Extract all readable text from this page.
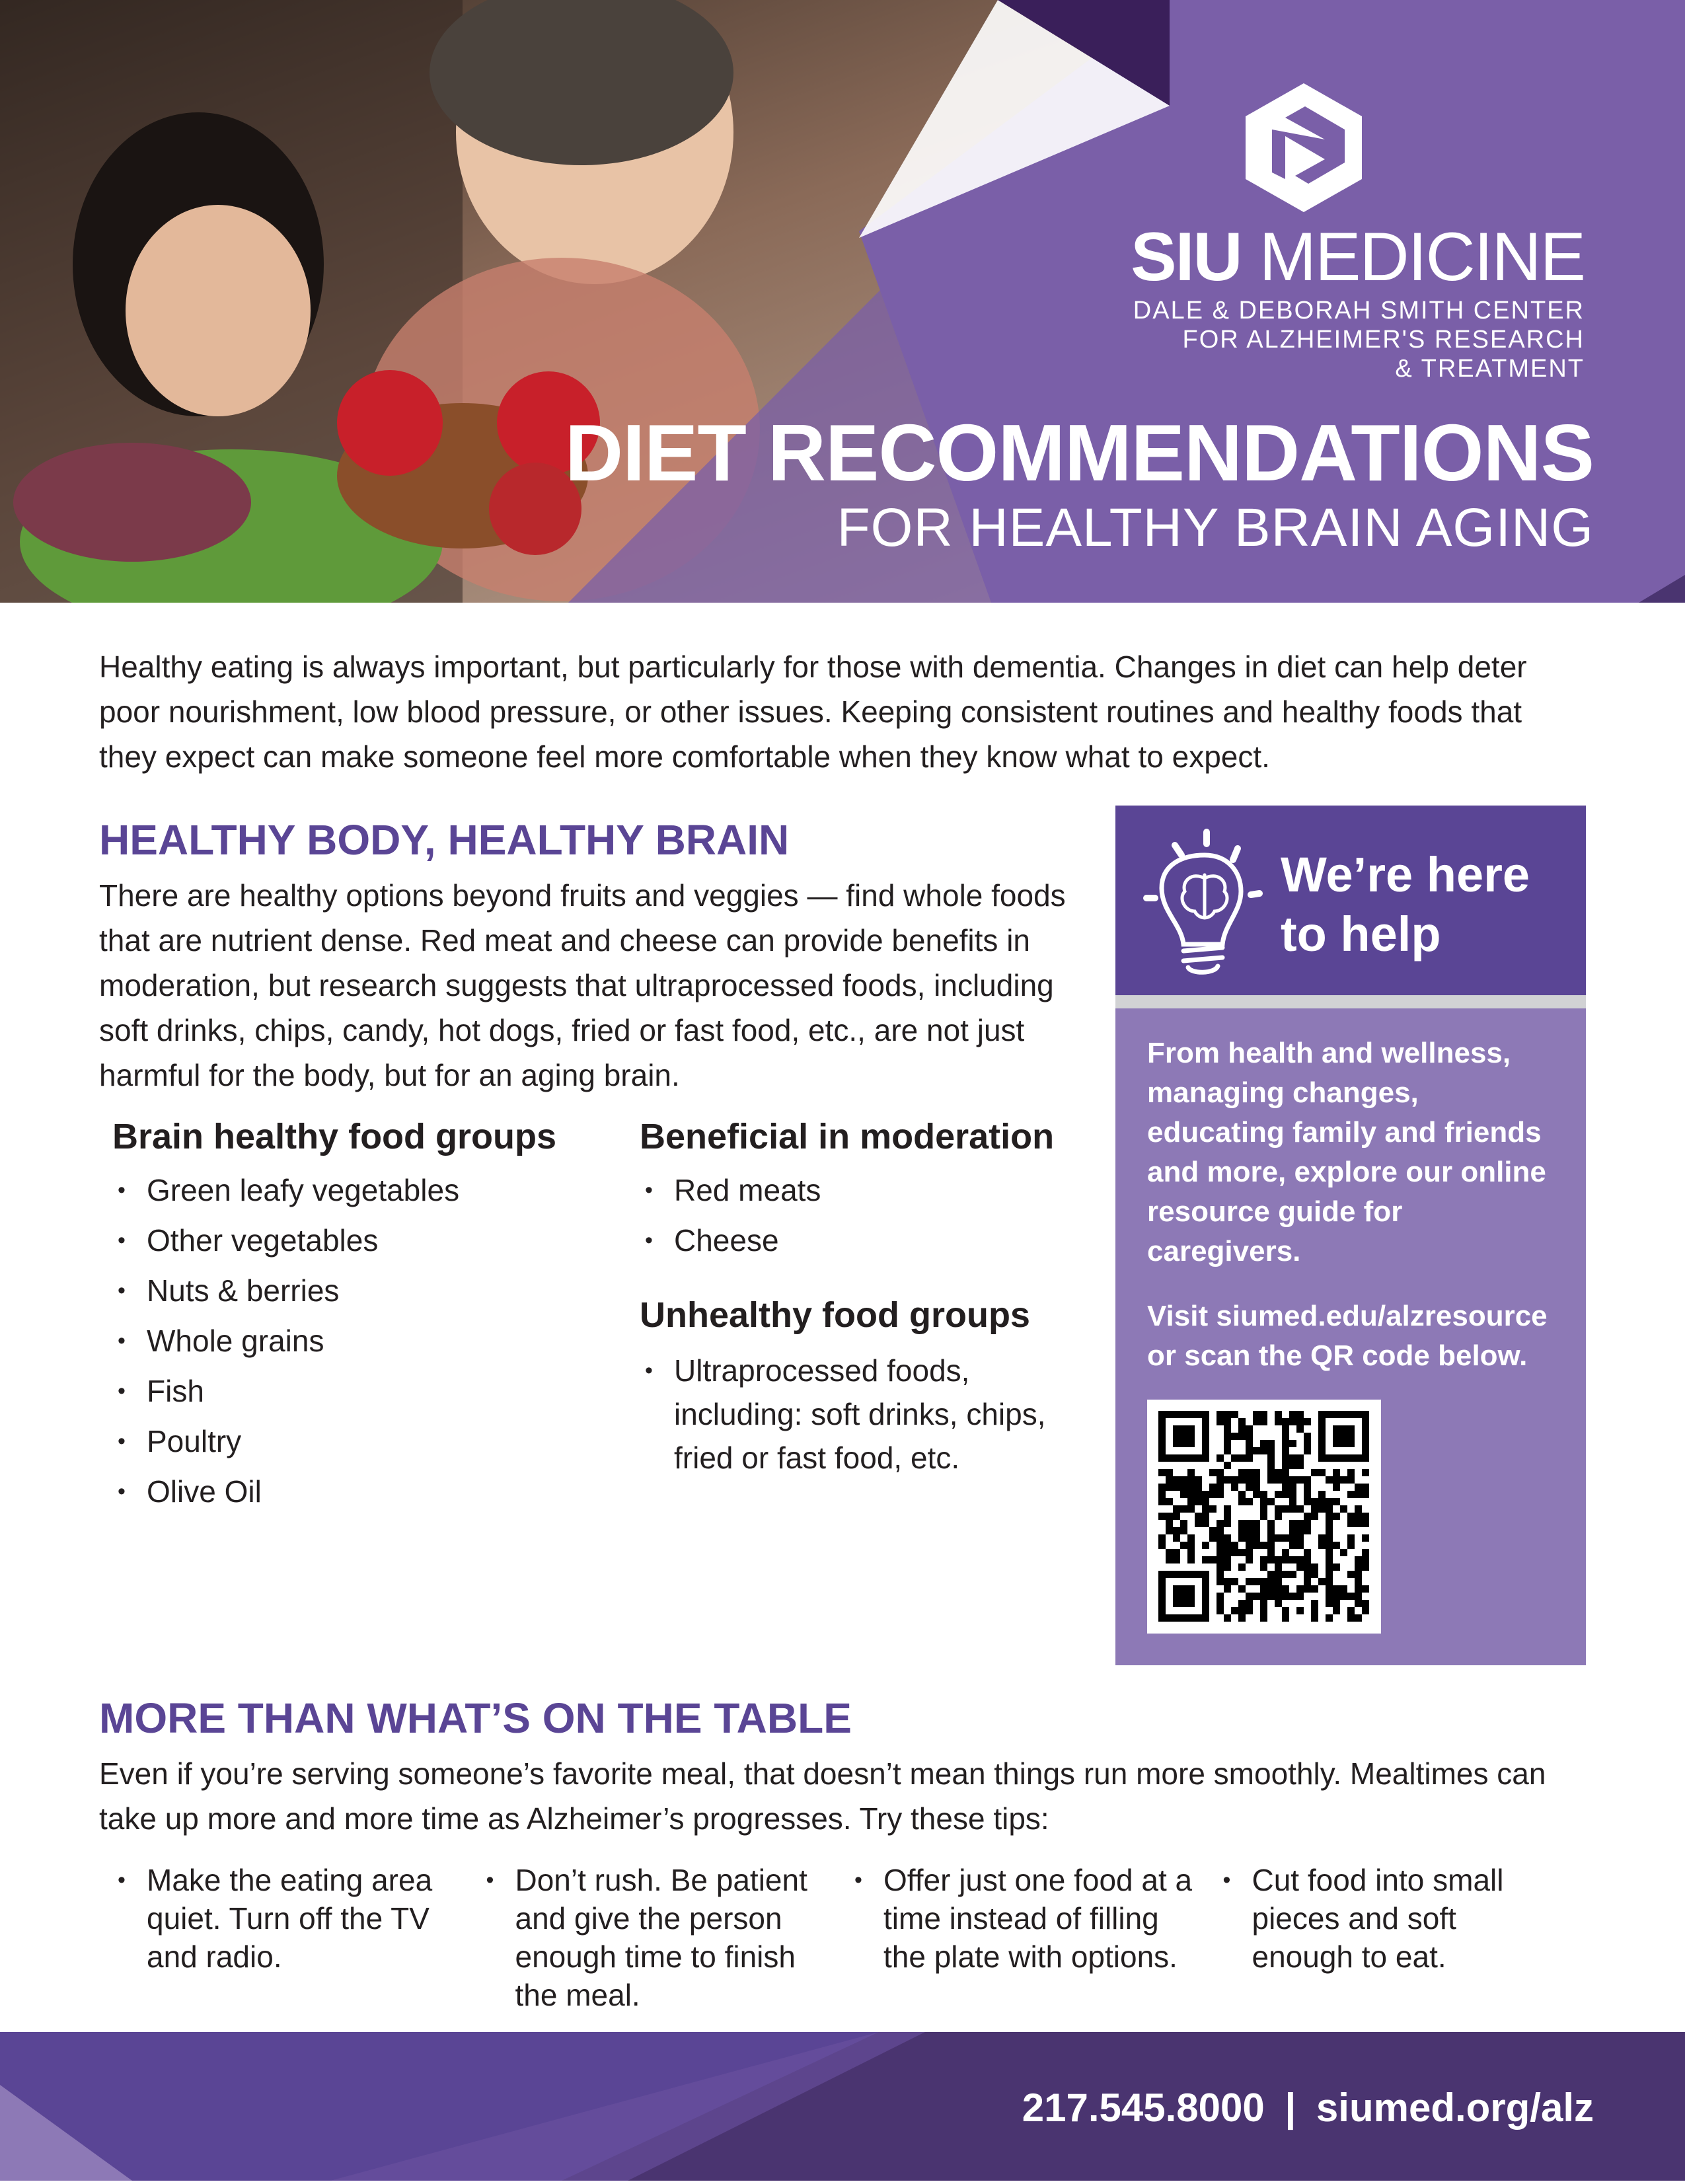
SIU MEDICINE
DALE & DEBORAH SMITH CENTER
FOR ALZHEIMER'S RESEARCH
& TREATMENT
DIET RECOMMENDATIONS
FOR HEALTHY BRAIN AGING

Healthy eating is always important, but particularly for those with dementia. Changes in diet can help deter poor nourishment, low blood pressure, or other issues. Keeping consistent routines and healthy foods that they expect can make someone feel more comfortable when they know what to expect.

HEALTHY BODY, HEALTHY BRAIN

There are healthy options beyond fruits and veggies — find whole foods that are nutrient dense. Red meat and cheese can provide benefits in moderation, but research suggests that ultraprocessed foods, including soft drinks, chips, candy, hot dogs, fried or fast food, etc., are not just harmful for the body, but for an aging brain.

Brain healthy food groups
• Green leafy vegetables
• Other vegetables
• Nuts & berries
• Whole grains
• Fish
• Poultry
• Olive Oil
Beneficial in moderation
• Red meats
• Cheese
Unhealthy food groups
• Ultraprocessed foods, including: soft drinks, chips, fried or fast food, etc.
We’re here to help
From health and wellness, managing changes, educating family and friends and more, explore our online resource guide for caregivers.
Visit siumed.edu/alzresource or scan the QR code below.
MORE THAN WHAT’S ON THE TABLE

Even if you’re serving someone’s favorite meal, that doesn’t mean things run more smoothly. Mealtimes can take up more and more time as Alzheimer’s progresses. Try these tips:

• Make the eating area quiet. Turn off the TV and radio.
• Don’t rush. Be patient and give the person enough time to finish the meal.
• Offer just one food at a time instead of filling the plate with options.
• Cut food into small pieces and soft enough to eat.
217.545.8000 | siumed.org/alz
